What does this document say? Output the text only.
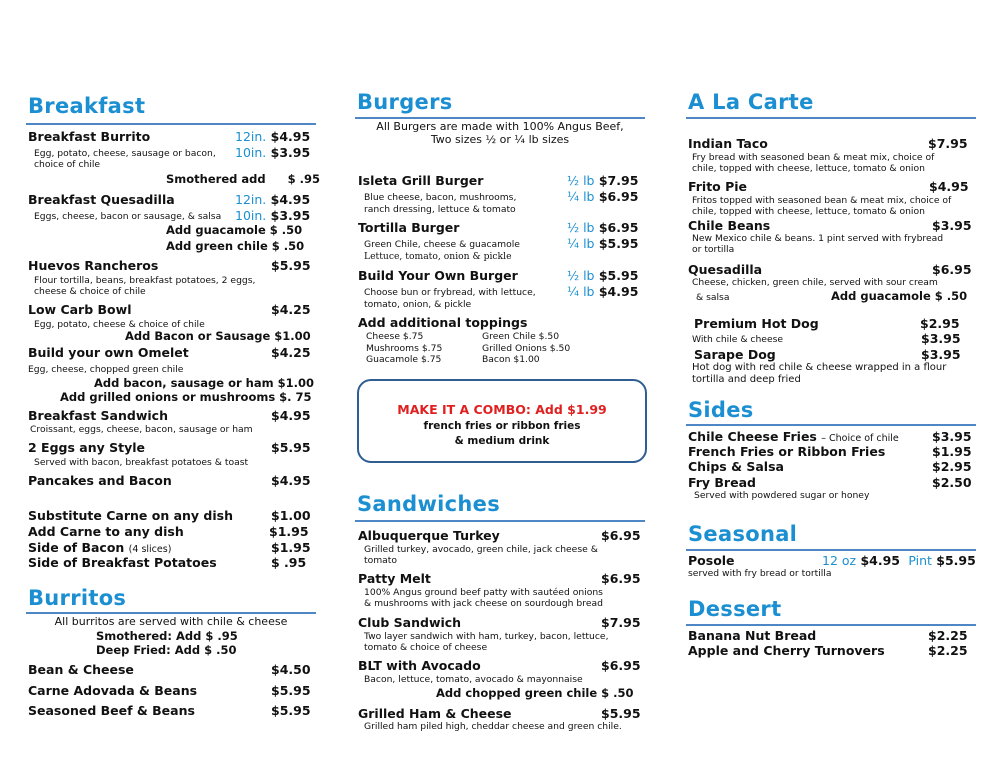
Breakfast
Breakfast Burrito	12in. $4.95
Egg, potato, cheese, sausage or bacon,
choice of chile
10in. $3.95
Smothered add $ .95
Breakfast Quesadilla	12in. $4.95
Eggs, cheese, bacon or sausage, & salsa 10in. $3.95
Add guacamole $ .50
Add green chile $ .50
Huevos Rancheros	$5.95
Flour tortilla, beans, breakfast potatoes, 2 eggs,
cheese & choice of chile
Low Carb Bowl	$4.25
Egg, potato, cheese & choice of chile
Add Bacon or Sausage $1.00
Build your own Omelet	$4.25
Egg, cheese, chopped green chile
Add bacon, sausage or ham $1.00
Add grilled onions or mushrooms $. 75
Breakfast Sandwich	$4.95
Croissant, eggs, cheese, bacon, sausage or ham
2 Eggs any Style	$5.95
Served with bacon, breakfast potatoes & toast
Pancakes and Bacon	$4.95
Substitute Carne on any dish	$1.00
Add Carne to any dish	$1.95
Side of Bacon (4 slices)	$1.95
Side of Breakfast Potatoes	$ .95
Burritos
All burritos are served with chile & cheese
Smothered: Add $ .95
Deep Fried: Add $ .50
Bean & Cheese	$4.50
Carne Adovada & Beans	$5.95
Seasoned Beef & Beans	$5.95
Burgers
All Burgers are made with 100% Angus Beef,
Two sizes ½ or ¼ lb sizes
Isleta Grill Burger	½ lb $7.95
¼ lb $6.95
Blue cheese, bacon, mushrooms,
ranch dressing, lettuce & tomato
Tortilla Burger	½ lb $6.95
¼ lb $5.95
Green Chile, cheese & guacamole
Lettuce, tomato, onion & pickle
Build Your Own Burger	½ lb $5.95
¼ lb $4.95
Choose bun or frybread, with lettuce,
tomato, onion, & pickle
Add additional toppings
Cheese $.75	Green Chile $.50
Mushrooms $.75	Grilled Onions $.50
Guacamole $.75	Bacon $1.00
MAKE IT A COMBO: Add $1.99
french fries or ribbon fries
& medium drink
Sandwiches
Albuquerque Turkey	$6.95
Grilled turkey, avocado, green chile, jack cheese &
tomato
Patty Melt	$6.95
100% Angus ground beef patty with sautéed onions
& mushrooms with jack cheese on sourdough bread
Club Sandwich	$7.95
Two layer sandwich with ham, turkey, bacon, lettuce,
tomato & choice of cheese
BLT with Avocado	$6.95
Bacon, lettuce, tomato, avocado & mayonnaise
Add chopped green chile $ .50
Grilled Ham & Cheese	$5.95
Grilled ham piled high, cheddar cheese and green chile.
A La Carte
Indian Taco	$7.95
Fry bread with seasoned bean & meat mix, choice of
chile, topped with cheese, lettuce, tomato & onion
Frito Pie	$4.95
Fritos topped with seasoned bean & meat mix, choice of
chile, topped with cheese, lettuce, tomato & onion
Chile Beans	$3.95
New Mexico chile & beans. 1 pint served with frybread
or tortilla
Quesadilla	$6.95
Cheese, chicken, green chile, served with sour cream
& salsa	Add guacamole $ .50
Premium Hot Dog	$2.95
With chile & cheese	$3.95
Sarape Dog	$3.95
Hot dog with red chile & cheese wrapped in a flour
tortilla and deep fried
Sides
Chile Cheese Fries – Choice of chile	$3.95
French Fries or Ribbon Fries	$1.95
Chips & Salsa	$2.95
Fry Bread	$2.50
Served with powdered sugar or honey
Seasonal
Posole	12 oz $4.95 Pint $5.95
served with fry bread or tortilla
Dessert
Banana Nut Bread	$2.25
Apple and Cherry Turnovers	$2.25
